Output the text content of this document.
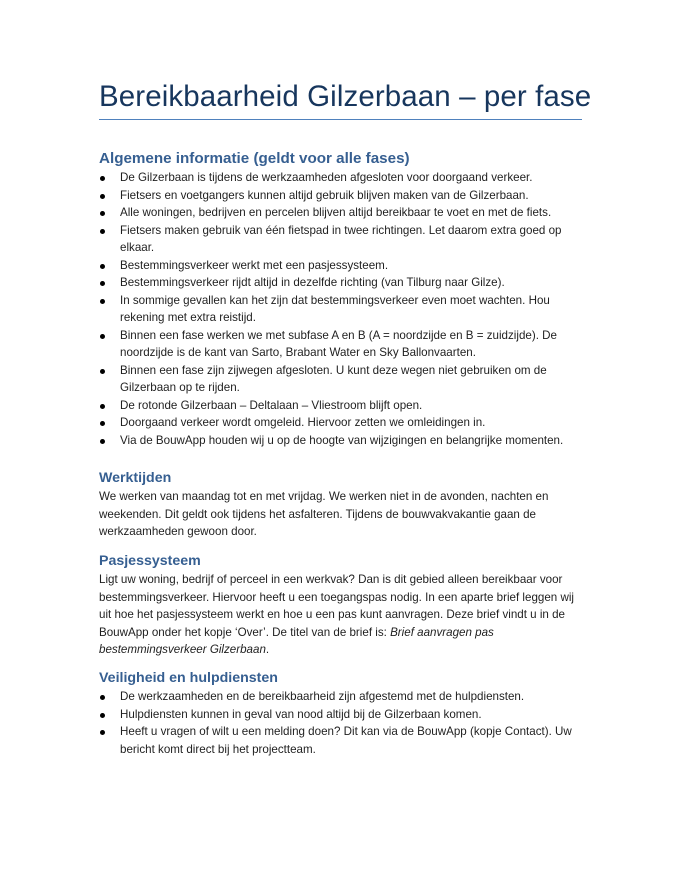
Bereikbaarheid Gilzerbaan – per fase
Algemene informatie (geldt voor alle fases)
De Gilzerbaan is tijdens de werkzaamheden afgesloten voor doorgaand verkeer.
Fietsers en voetgangers kunnen altijd gebruik blijven maken van de Gilzerbaan.
Alle woningen, bedrijven en percelen blijven altijd bereikbaar te voet en met de fiets.
Fietsers maken gebruik van één fietspad in twee richtingen. Let daarom extra goed op elkaar.
Bestemmingsverkeer werkt met een pasjessysteem.
Bestemmingsverkeer rijdt altijd in dezelfde richting (van Tilburg naar Gilze).
In sommige gevallen kan het zijn dat bestemmingsverkeer even moet wachten. Hou rekening met extra reistijd.
Binnen een fase werken we met subfase A en B (A = noordzijde en B = zuidzijde). De noordzijde is de kant van Sarto, Brabant Water en Sky Ballonvaarten.
Binnen een fase zijn zijwegen afgesloten. U kunt deze wegen niet gebruiken om de Gilzerbaan op te rijden.
De rotonde Gilzerbaan – Deltalaan – Vliestroom blijft open.
Doorgaand verkeer wordt omgeleid. Hiervoor zetten we omleidingen in.
Via de BouwApp houden wij u op de hoogte van wijzigingen en belangrijke momenten.
Werktijden

We werken van maandag tot en met vrijdag. We werken niet in de avonden, nachten en weekenden. Dit geldt ook tijdens het asfalteren. Tijdens de bouwvakvakantie gaan de werkzaamheden gewoon door.

Pasjessysteem

Ligt uw woning, bedrijf of perceel in een werkvak? Dan is dit gebied alleen bereikbaar voor bestemmingsverkeer. Hiervoor heeft u een toegangspas nodig. In een aparte brief leggen wij uit hoe het pasjessysteem werkt en hoe u een pas kunt aanvragen. Deze brief vindt u in de BouwApp onder het kopje ‘Over’. De titel van de brief is: Brief aanvragen pas bestemmingsverkeer Gilzerbaan.

Veiligheid en hulpdiensten
De werkzaamheden en de bereikbaarheid zijn afgestemd met de hulpdiensten.
Hulpdiensten kunnen in geval van nood altijd bij de Gilzerbaan komen.
Heeft u vragen of wilt u een melding doen? Dit kan via de BouwApp (kopje Contact). Uw bericht komt direct bij het projectteam.
